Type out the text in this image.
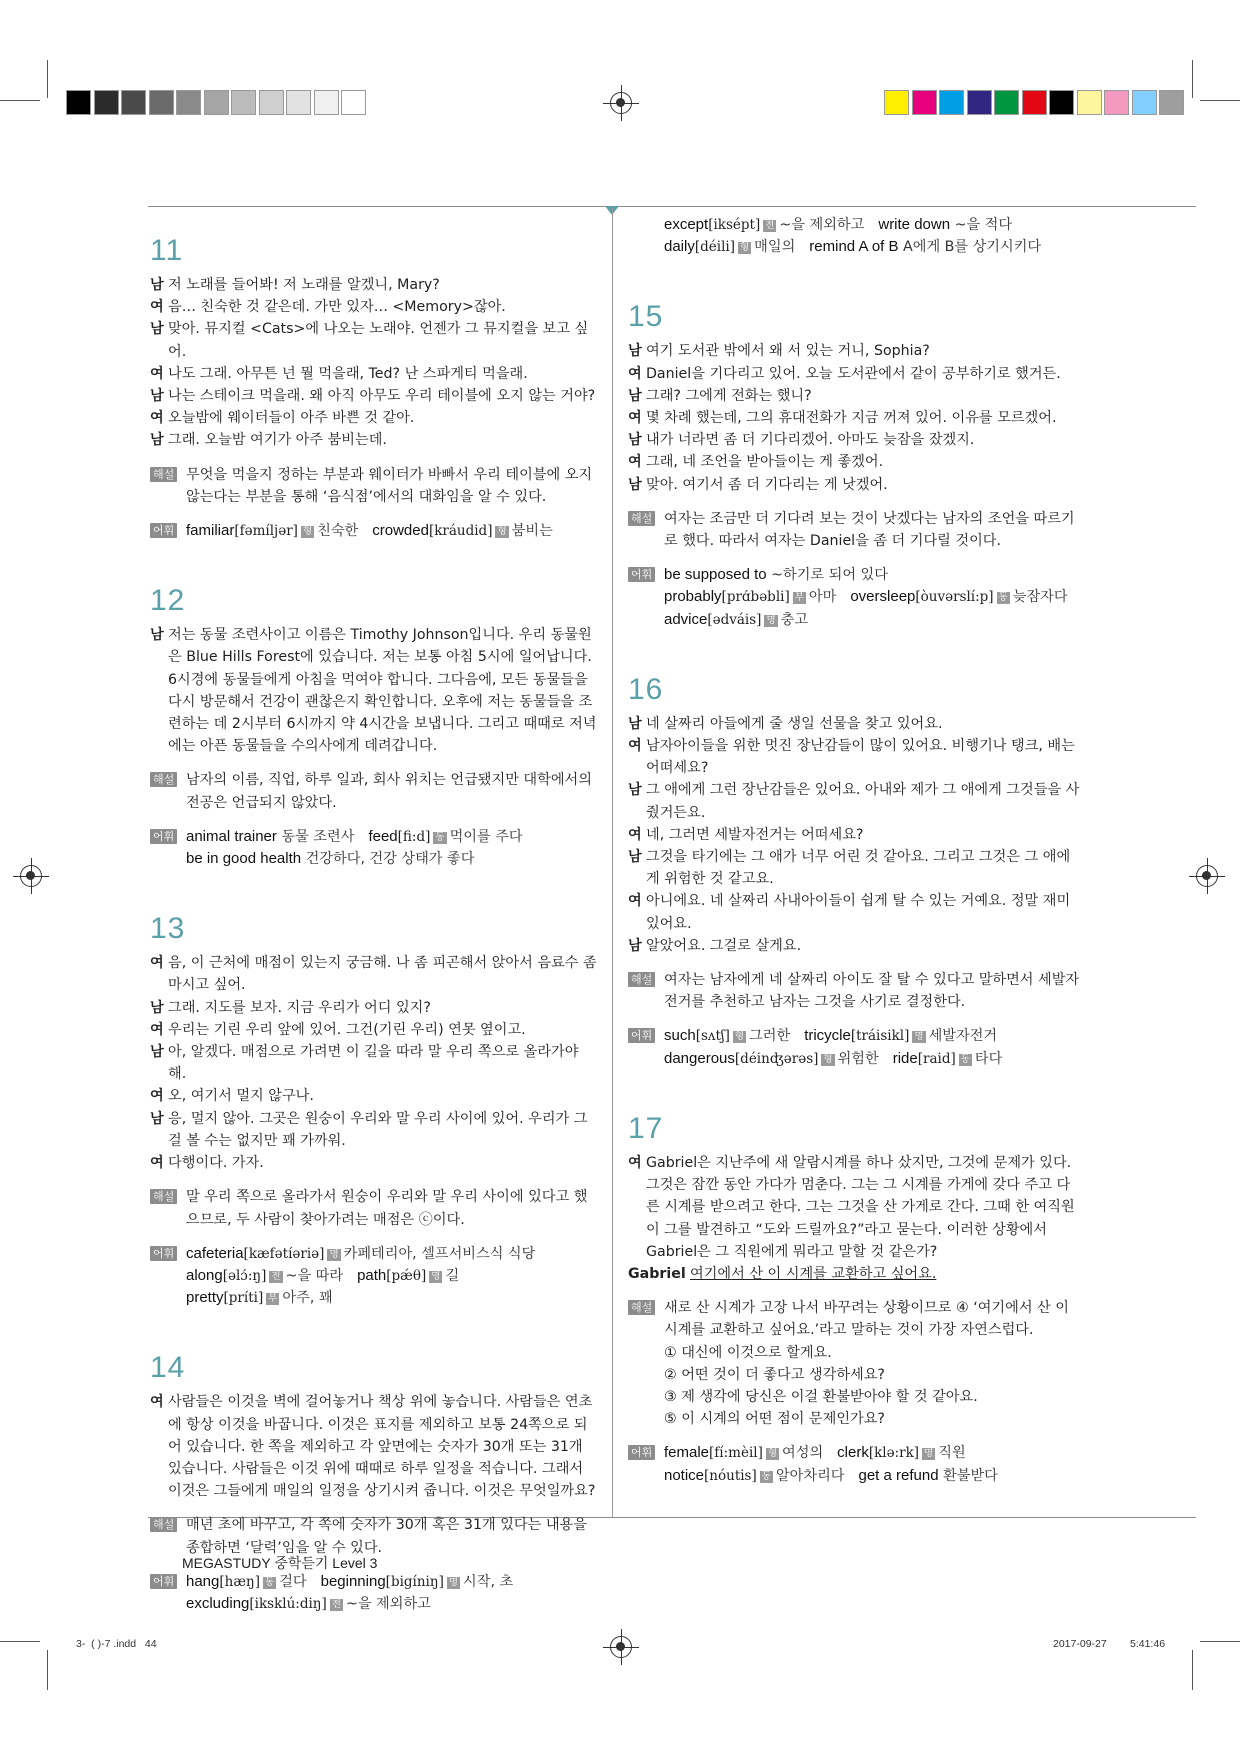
11
남 저 노래를 들어봐! 저 노래를 알겠니, Mary?
여 음… 친숙한 것 같은데. 가만 있자… <Memory>잖아.
남 맞아. 뮤지컬 <Cats>에 나오는 노래야. 언젠가 그 뮤지컬을 보고 싶어.
여 나도 그래. 아무튼 넌 뭘 먹을래, Ted? 난 스파게티 먹을래.
남 나는 스테이크 먹을래. 왜 아직 아무도 우리 테이블에 오지 않는 거야?
여 오늘밤에 웨이터들이 아주 바쁜 것 같아.
남 그래. 오늘밤 여기가 아주 붐비는데.
해설 무엇을 먹을지 정하는 부분과 웨이터가 바빠서 우리 테이블에 오지 않는다는 부분을 통해 ‘음식점’에서의 대화임을 알 수 있다.
어휘 familiar[fəmíljər] 형 친숙한 crowded[kráudid] 형 붐비는
12
남 저는 동물 조련사이고 이름은 Timothy Johnson입니다. 우리 동물원은 Blue Hills Forest에 있습니다. 저는 보통 아침 5시에 일어납니다. 6시경에 동물들에게 아침을 먹여야 합니다. 그다음에, 모든 동물들을 다시 방문해서 건강이 괜찮은지 확인합니다. 오후에 저는 동물들을 조련하는 데 2시부터 6시까지 약 4시간을 보냅니다. 그리고 때때로 저녁에는 아픈 동물들을 수의사에게 데려갑니다.
해설 남자의 이름, 직업, 하루 일과, 회사 위치는 언급됐지만 대학에서의 전공은 언급되지 않았다.
어휘 animal trainer 동물 조련사 feed[fi:d] 동 먹이를 주다
be in good health 건강하다, 건강 상태가 좋다
13
여 음, 이 근처에 매점이 있는지 궁금해. 나 좀 피곤해서 앉아서 음료수 좀 마시고 싶어.
남 그래. 지도를 보자. 지금 우리가 어디 있지?
여 우리는 기린 우리 앞에 있어. 그건(기린 우리) 연못 옆이고.
남 아, 알겠다. 매점으로 가려면 이 길을 따라 말 우리 쪽으로 올라가야 해.
여 오, 여기서 멀지 않구나.
남 응, 멀지 않아. 그곳은 원숭이 우리와 말 우리 사이에 있어. 우리가 그걸 볼 수는 없지만 꽤 가까워.
여 다행이다. 가자.
해설 말 우리 쪽으로 올라가서 원숭이 우리와 말 우리 사이에 있다고 했으므로, 두 사람이 찾아가려는 매점은 ⓒ이다.
어휘 cafeteria[kæfətíəriə] 명 카페테리아, 셀프서비스식 식당
along[əlɔ́:ŋ] 전 ~을 따라 path[pǽθ] 명 길
pretty[príti] 부 아주, 꽤
14
여 사람들은 이것을 벽에 걸어놓거나 책상 위에 놓습니다. 사람들은 연초에 항상 이것을 바꿉니다. 이것은 표지를 제외하고 보통 24쪽으로 되어 있습니다. 한 쪽을 제외하고 각 앞면에는 숫자가 30개 또는 31개 있습니다. 사람들은 이것 위에 때때로 하루 일정을 적습니다. 그래서 이것은 그들에게 매일의 일정을 상기시켜 줍니다. 이것은 무엇일까요?
해설 매년 초에 바꾸고, 각 쪽에 숫자가 30개 혹은 31개 있다는 내용을 종합하면 ‘달력’임을 알 수 있다.
어휘 hang[hæŋ] 동 걸다 beginning[bigíniŋ] 명 시작, 초
excluding[iksklú:diŋ] 전 ~을 제외하고
except[iksépt] 전 ~을 제외하고 write down ~을 적다
daily[déili] 형 매일의 remind A of B A에게 B를 상기시키다
15
남 여기 도서관 밖에서 왜 서 있는 거니, Sophia?
여 Daniel을 기다리고 있어. 오늘 도서관에서 같이 공부하기로 했거든.
남 그래? 그에게 전화는 했니?
여 몇 차례 했는데, 그의 휴대전화가 지금 꺼져 있어. 이유를 모르겠어.
남 내가 너라면 좀 더 기다리겠어. 아마도 늦잠을 잤겠지.
여 그래, 네 조언을 받아들이는 게 좋겠어.
남 맞아. 여기서 좀 더 기다리는 게 낫겠어.
해설 여자는 조금만 더 기다려 보는 것이 낫겠다는 남자의 조언을 따르기로 했다. 따라서 여자는 Daniel을 좀 더 기다릴 것이다.
어휘 be supposed to ~하기로 되어 있다
probably[prɑ́bəbli] 부 아마 oversleep[òuvərslí:p] 동 늦잠자다
advice[ədváis] 명 충고
16
남 네 살짜리 아들에게 줄 생일 선물을 찾고 있어요.
여 남자아이들을 위한 멋진 장난감들이 많이 있어요. 비행기나 탱크, 배는 어떠세요?
남 그 애에게 그런 장난감들은 있어요. 아내와 제가 그 애에게 그것들을 사줬거든요.
여 네, 그러면 세발자전거는 어떠세요?
남 그것을 타기에는 그 애가 너무 어린 것 같아요. 그리고 그것은 그 애에게 위험한 것 같고요.
여 아니에요. 네 살짜리 사내아이들이 쉽게 탈 수 있는 거예요. 정말 재미있어요.
남 알았어요. 그걸로 살게요.
해설 여자는 남자에게 네 살짜리 아이도 잘 탈 수 있다고 말하면서 세발자전거를 추천하고 남자는 그것을 사기로 결정한다.
어휘 such[sʌtʃ] 형 그러한 tricycle[tráisikl] 명 세발자전거
dangerous[déinʤərəs] 형 위험한 ride[raid] 동 타다
17
여 Gabriel은 지난주에 새 알람시계를 하나 샀지만, 그것에 문제가 있다. 그것은 잠깐 동안 가다가 멈춘다. 그는 그 시계를 가게에 갖다 주고 다른 시계를 받으려고 한다. 그는 그것을 산 가게로 간다. 그때 한 여직원이 그를 발견하고 “도와 드릴까요?”라고 묻는다. 이러한 상황에서 Gabriel은 그 직원에게 뭐라고 말할 것 같은가?
Gabriel 여기에서 산 이 시계를 교환하고 싶어요.
해설 새로 산 시계가 고장 나서 바꾸려는 상황이므로 ④ ‘여기에서 산 이 시계를 교환하고 싶어요.’라고 말하는 것이 가장 자연스럽다.
① 대신에 이것으로 할게요.
② 어떤 것이 더 좋다고 생각하세요?
③ 제 생각에 당신은 이걸 환불받아야 할 것 같아요.
⑤ 이 시계의 어떤 점이 문제인가요?
어휘 female[fí:mèil] 형 여성의 clerk[klə:rk] 명 직원
notice[nóutis] 동 알아차리다 get a refund 환불받다
MEGASTUDY 중학듣기 Level 3
3-  ( )-7 .indd   44	2017-09-27 5:41:46
